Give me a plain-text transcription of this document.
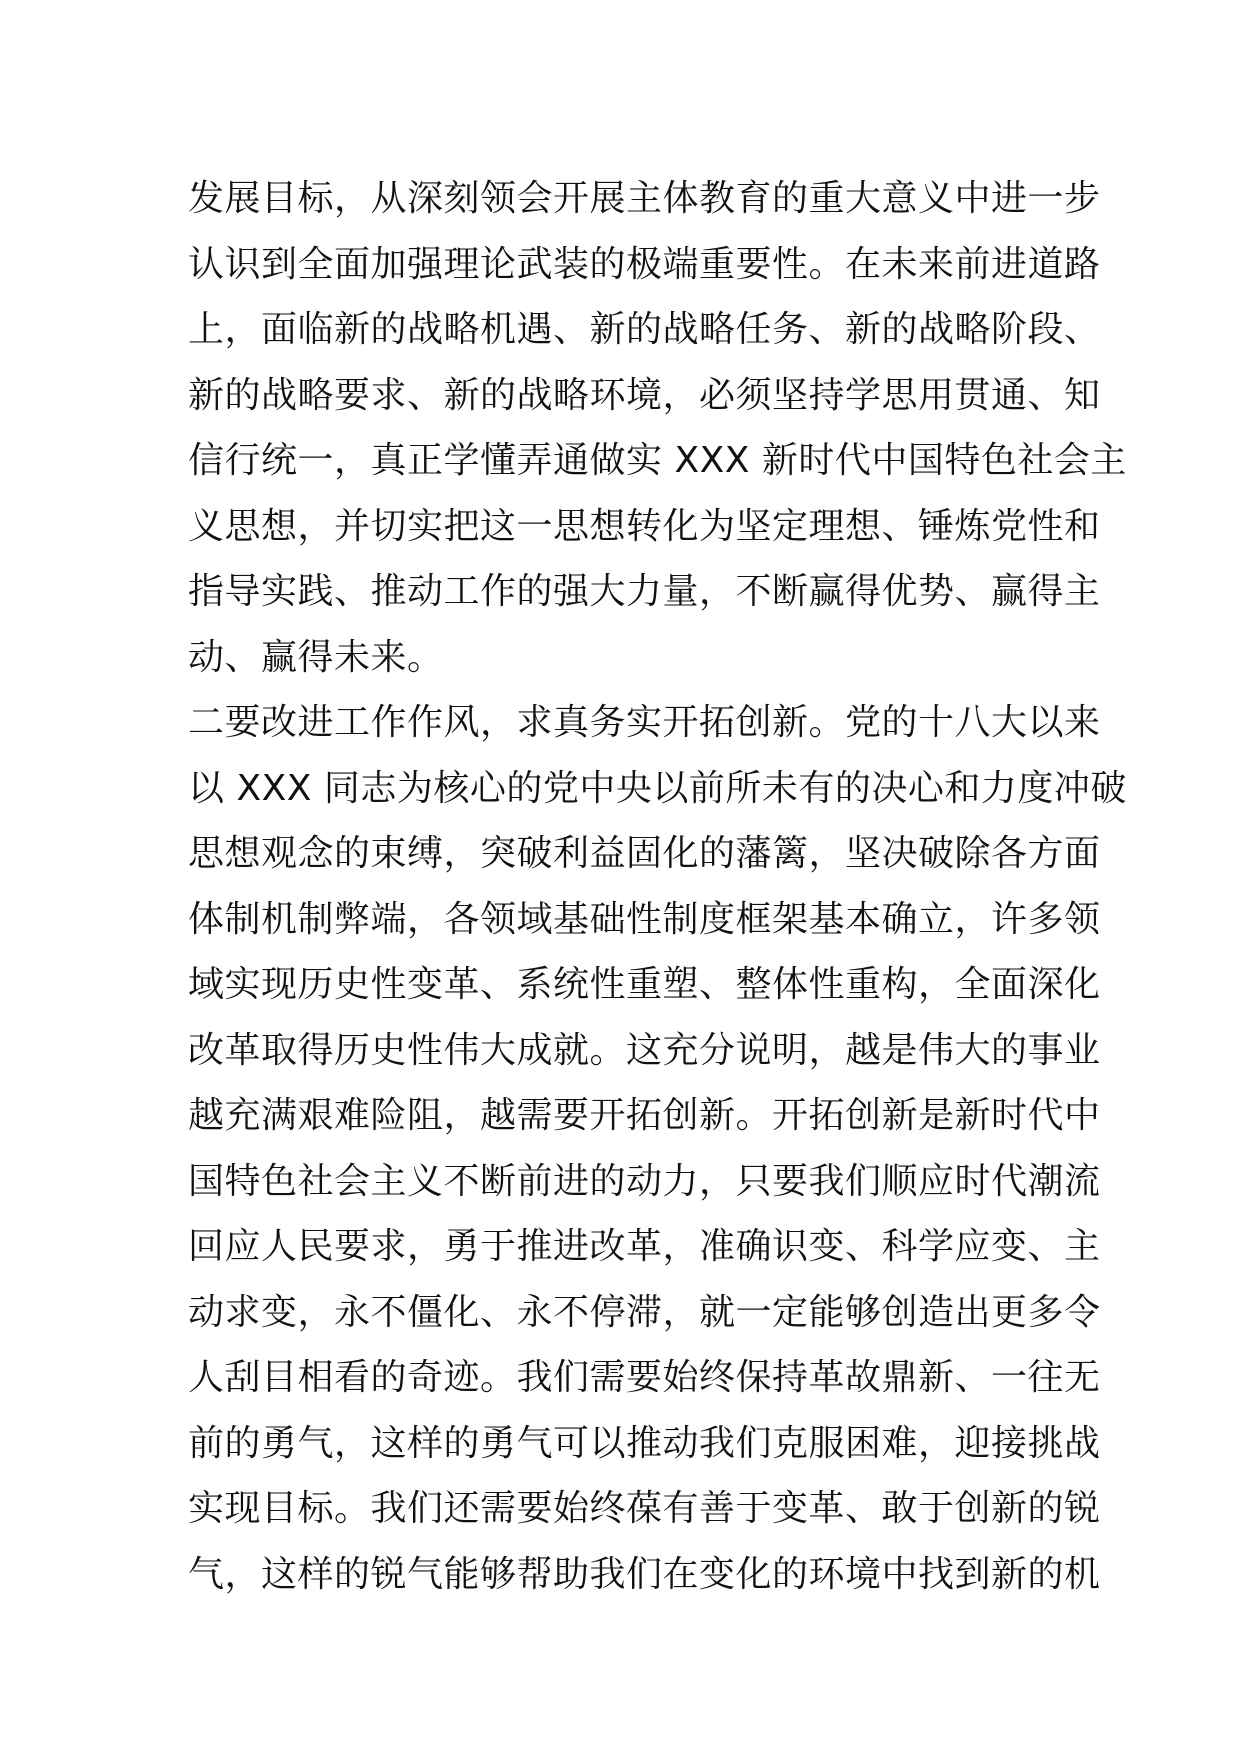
发展目标，从深刻领会开展主体教育的重大意义中进一步
认识到全面加强理论武装的极端重要性。在未来前进道路
上，面临新的战略机遇、新的战略任务、新的战略阶段、
新的战略要求、新的战略环境，必须坚持学思用贯通、知
信行统一，真正学懂弄通做实 XXX 新时代中国特色社会主
义思想，并切实把这一思想转化为坚定理想、锤炼党性和
指导实践、推动工作的强大力量，不断赢得优势、赢得主
动、赢得未来。
二要改进工作作风，求真务实开拓创新。党的十八大以来
以 XXX 同志为核心的党中央以前所未有的决心和力度冲破
思想观念的束缚，突破利益固化的藩篱，坚决破除各方面
体制机制弊端，各领域基础性制度框架基本确立，许多领
域实现历史性变革、系统性重塑、整体性重构，全面深化
改革取得历史性伟大成就。这充分说明，越是伟大的事业
越充满艰难险阻，越需要开拓创新。开拓创新是新时代中
国特色社会主义不断前进的动力，只要我们顺应时代潮流
回应人民要求，勇于推进改革，准确识变、科学应变、主
动求变，永不僵化、永不停滞，就一定能够创造出更多令
人刮目相看的奇迹。我们需要始终保持革故鼎新、一往无
前的勇气，这样的勇气可以推动我们克服困难，迎接挑战
实现目标。我们还需要始终葆有善于变革、敢于创新的锐
气，这样的锐气能够帮助我们在变化的环境中找到新的机
